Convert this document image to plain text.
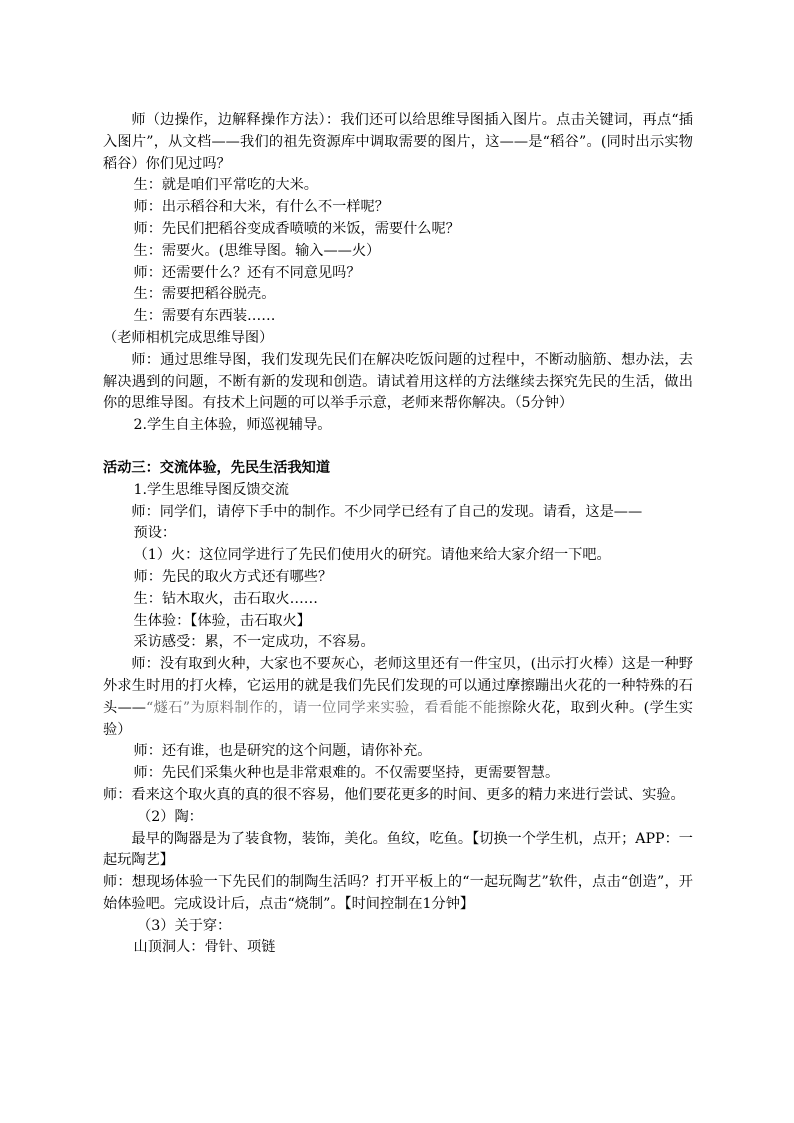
师（边操作，边解释操作方法）：我们还可以给思维导图插入图片。点击关键词，再点“插入图片”，从文档——我们的祖先资源库中调取需要的图片，这——是“稻谷”。(同时出示实物稻谷）你们见过吗？

生：就是咱们平常吃的大米。

师：出示稻谷和大米，有什么不一样呢？

师：先民们把稻谷变成香喷喷的米饭，需要什么呢？

生：需要火。(思维导图。输入——火）

师：还需要什么？还有不同意见吗？

生：需要把稻谷脱壳。

生：需要有东西装……

（老师相机完成思维导图）

师：通过思维导图，我们发现先民们在解决吃饭问题的过程中，不断动脑筋、想办法，去解决遇到的问题，不断有新的发现和创造。请试着用这样的方法继续去探究先民的生活，做出你的思维导图。有技术上问题的可以举手示意，老师来帮你解决。（5分钟）

2.学生自主体验，师巡视辅导。

活动三：交流体验，先民生活我知道

1.学生思维导图反馈交流

师：同学们，请停下手中的制作。不少同学已经有了自己的发现。请看，这是——

预设：

（1）火：这位同学进行了先民们使用火的研究。请他来给大家介绍一下吧。

师：先民的取火方式还有哪些？

生：钻木取火，击石取火……

生体验：【体验，击石取火】

采访感受：累，不一定成功，不容易。

师：没有取到火种，大家也不要灰心，老师这里还有一件宝贝，(出示打火棒）这是一种野外求生时用的打火棒，它运用的就是我们先民们发现的可以通过摩擦蹦出火花的一种特殊的石头——“燧石”为原料制作的，请一位同学来实验，看看能不能擦除火花，取到火种。(学生实验）

师：还有谁，也是研究的这个问题，请你补充。

师：先民们采集火种也是非常艰难的。不仅需要坚持，更需要智慧。

师：看来这个取火真的真的很不容易，他们要花更多的时间、更多的精力来进行尝试、实验。

（2）陶：

最早的陶器是为了装食物，装饰，美化。鱼纹，吃鱼。【切换一个学生机，点开；APP：一起玩陶艺】

师：想现场体验一下先民们的制陶生活吗？打开平板上的“一起玩陶艺”软件，点击“创造”，开始体验吧。完成设计后，点击“烧制”。【时间控制在1分钟】

（3）关于穿：

山顶洞人：骨针、项链
